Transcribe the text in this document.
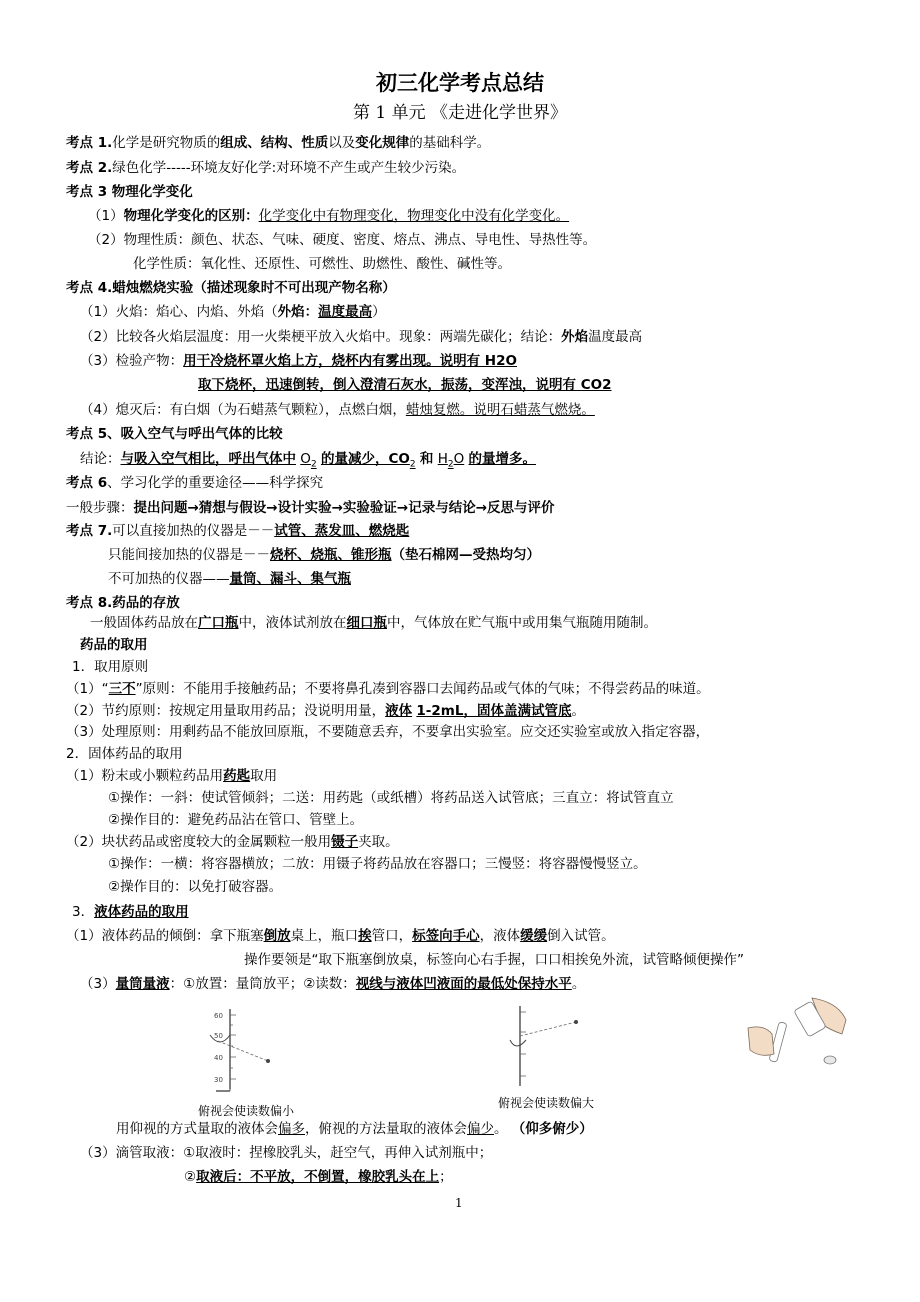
初三化学考点总结
第 1 单元 《走进化学世界》
考点 1.化学是研究物质的组成、结构、性质以及变化规律的基础科学。
考点 2.绿色化学-----环境友好化学:对环境不产生或产生较少污染。
考点 3 物理化学变化
（1）物理化学变化的区别：化学变化中有物理变化，物理变化中没有化学变化。
（2）物理性质：颜色、状态、气味、硬度、密度、熔点、沸点、导电性、导热性等。
化学性质：氧化性、还原性、可燃性、助燃性、酸性、碱性等。
考点 4.蜡烛燃烧实验（描述现象时不可出现产物名称）
（1）火焰：焰心、内焰、外焰（外焰：温度最高）
（2）比较各火焰层温度：用一火柴梗平放入火焰中。现象：两端先碳化；结论：外焰温度最高
（3）检验产物：用干冷烧杯罩火焰上方，烧杯内有雾出现。说明有 H2O
取下烧杯，迅速倒转，倒入澄清石灰水，振荡，变浑浊，说明有 CO2
（4）熄灭后：有白烟（为石蜡蒸气颗粒），点燃白烟，蜡烛复燃。说明石蜡蒸气燃烧。
考点 5、吸入空气与呼出气体的比较
结论：与吸入空气相比，呼出气体中 $O_2$ 的量减少，$CO_2$ 和 $H_2O$ 的量增多。
考点 6、学习化学的重要途径——科学探究
一般步骤：提出问题→猜想与假设→设计实验→实验验证→记录与结论→反思与评价
考点 7.可以直接加热的仪器是－－试管、蒸发皿、燃烧匙
只能间接加热的仪器是－－烧杯、烧瓶、锥形瓶（垫石棉网—受热均匀）
不可加热的仪器——量筒、漏斗、集气瓶
考点 8.药品的存放
一般固体药品放在广口瓶中，液体试剂放在细口瓶中，气体放在贮气瓶中或用集气瓶随用随制。
药品的取用
1．取用原则
（1）“三不”原则：不能用手接触药品；不要将鼻孔凑到容器口去闻药品或气体的气味；不得尝药品的味道。
（2）节约原则：按规定用量取用药品；没说明用量，液体 1-2mL，固体盖满试管底。
（3）处理原则：用剩药品不能放回原瓶，不要随意丢弃，不要拿出实验室。应交还实验室或放入指定容器，
2．固体药品的取用
（1）粉末或小颗粒药品用药匙取用
①操作：一斜：使试管倾斜；二送：用药匙（或纸槽）将药品送入试管底；三直立：将试管直立
②操作目的：避免药品沾在管口、管壁上。
（2）块状药品或密度较大的金属颗粒一般用镊子夹取。
①操作：一横：将容器横放；二放：用镊子将药品放在容器口；三慢竖：将容器慢慢竖立。
②操作目的：以免打破容器。
3．液体药品的取用
（1）液体药品的倾倒：拿下瓶塞倒放桌上，瓶口挨管口，标签向手心，液体缓缓倒入试管。
操作要领是“取下瓶塞倒放桌，标签向心右手握，口口相挨免外流，试管略倾便操作”
（3）量筒量液：①放置：量筒放平；②读数：视线与液体凹液面的最低处保持水平。
60
50
40
30
俯视会使读数偏小
俯视会使读数偏大
用仰视的方式量取的液体会偏多，俯视的方法量取的液体会偏少。 （仰多俯少）
（3）滴管取液：①取液时：捏橡胶乳头，赶空气，再伸入试剂瓶中；
②取液后：不平放，不倒置，橡胶乳头在上；
1
